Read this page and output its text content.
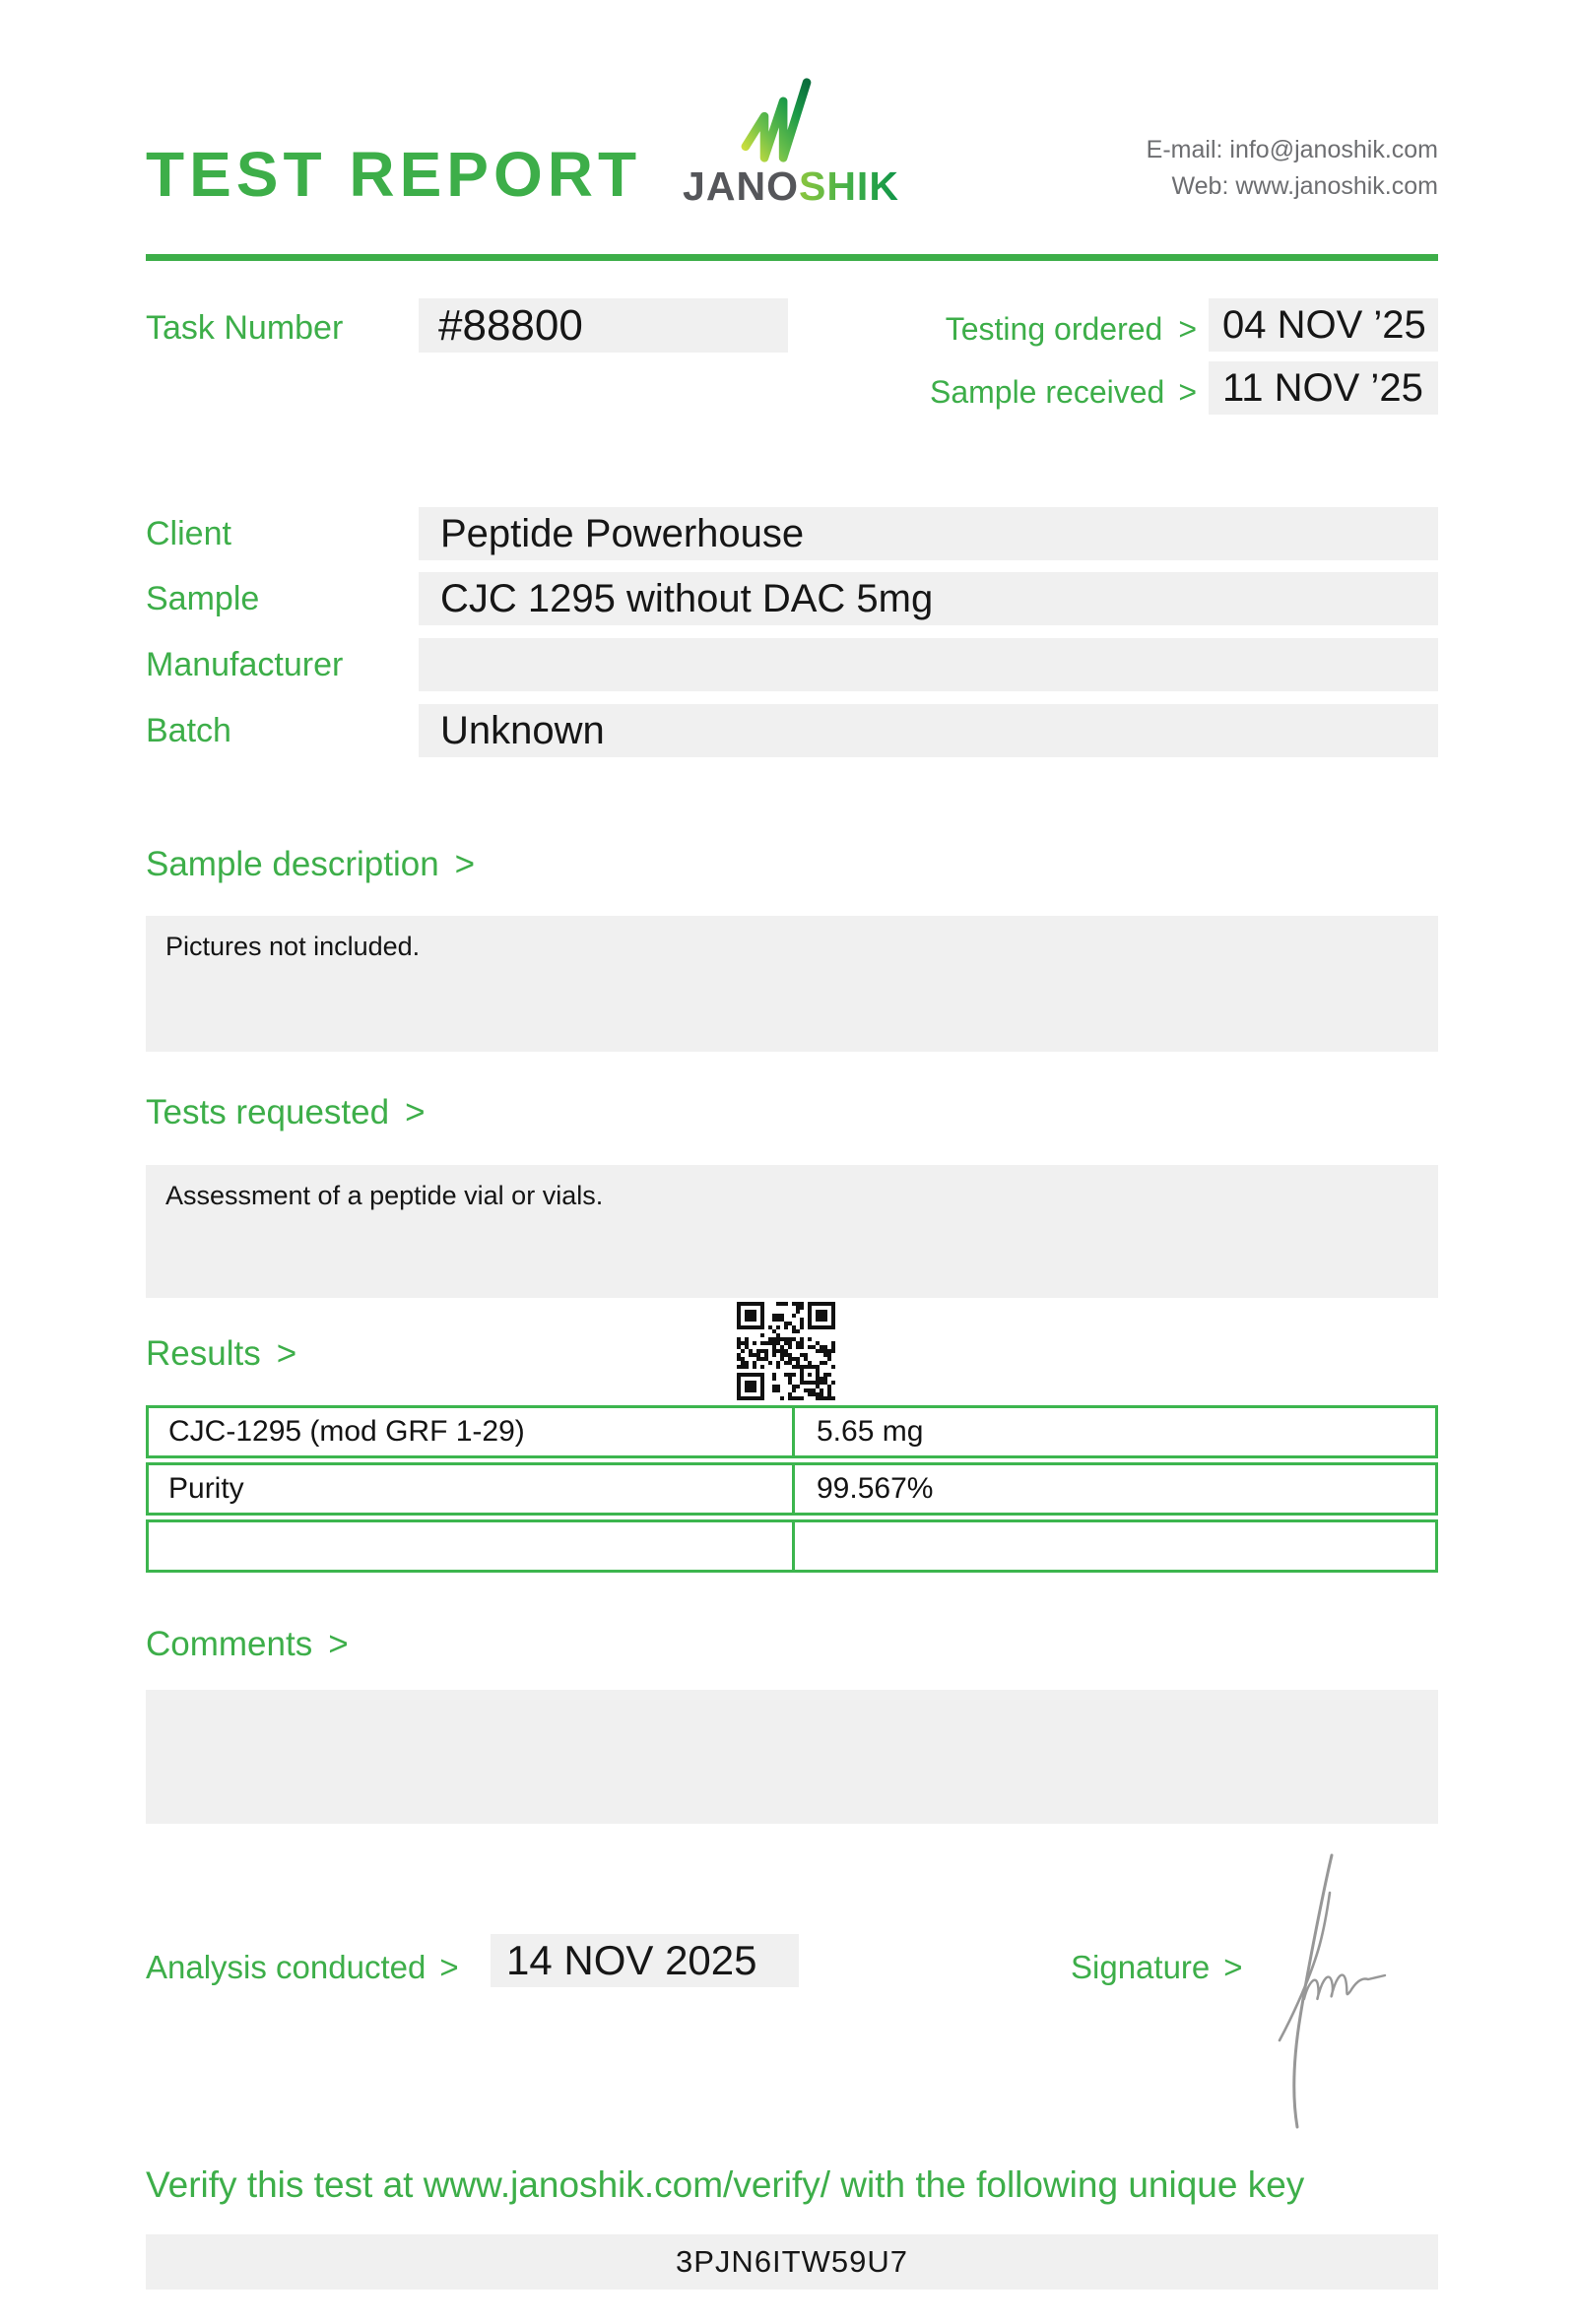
TEST REPORT	JANOSHIK
E-mail: info@janoshik.com
Web: www.janoshik.com
Task Number #88800	Testing ordered > 04 NOV ’25
Sample received > 11 NOV ’25
Client	Peptide Powerhouse
Sample	CJC 1295 without DAC 5mg
Manufacturer
Batch	Unknown
Sample description >
Pictures not included.
Tests requested >
Assessment of a peptide vial or vials.
Results >
CJC-1295 (mod GRF 1-29)	5.65 mg
Purity	99.567%
Comments >
Analysis conducted > 14 NOV 2025	Signature >
Verify this test at www.janoshik.com/verify/ with the following unique key
3PJN6ITW59U7
